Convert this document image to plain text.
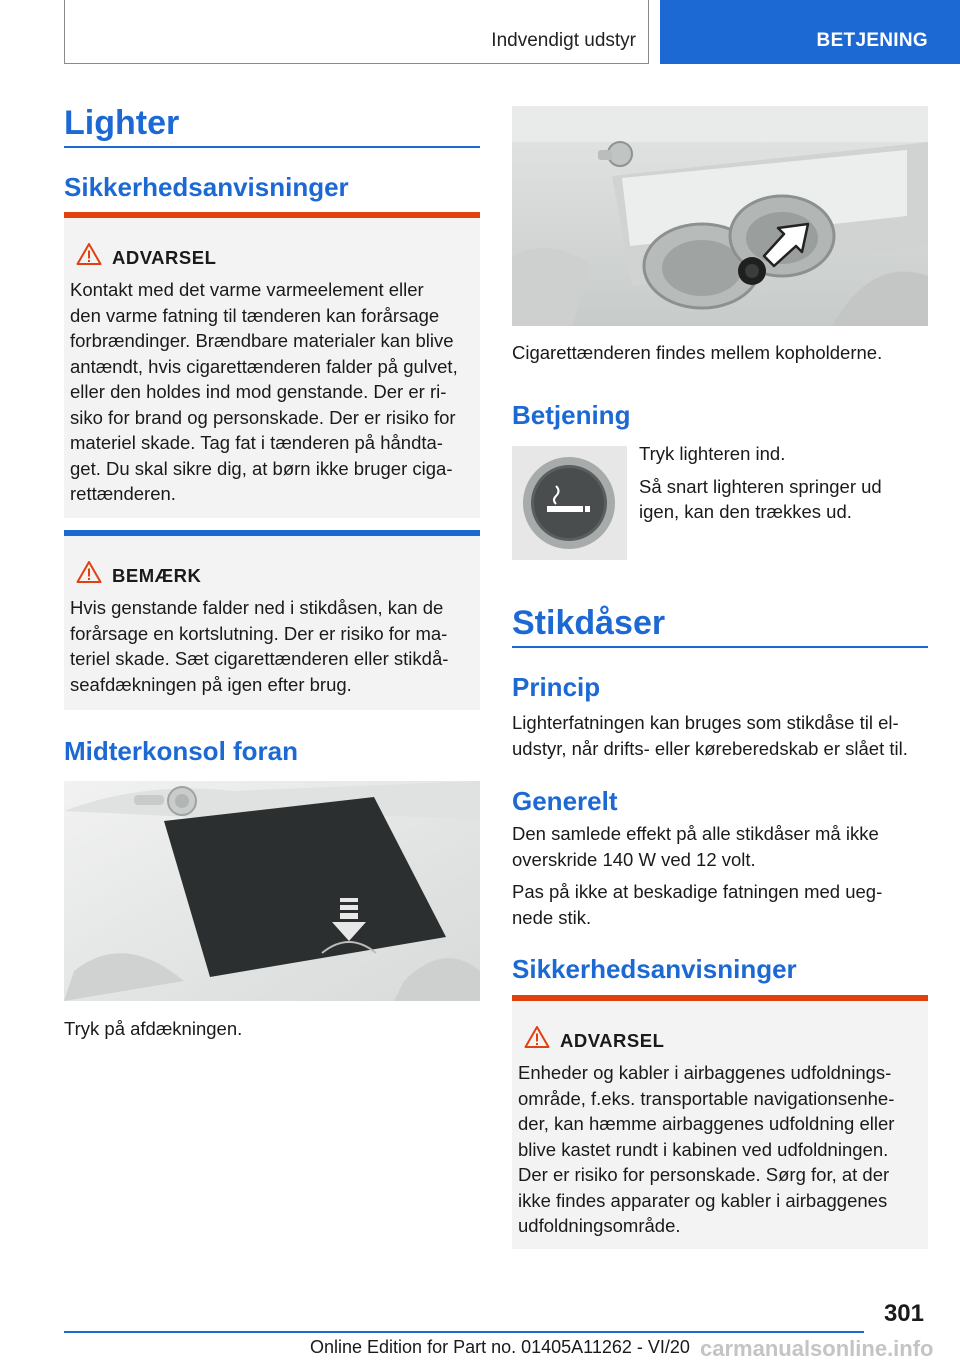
Indvendigt udstyr	BETJENING
Lighter
Sikkerhedsanvisninger
ADVARSEL
Kontakt med det varme varmeelement eller
den varme fatning til tænderen kan forårsage
forbrændinger. Brændbare materialer kan blive
antændt, hvis cigarettænderen falder på gulvet,
eller den holdes ind mod genstande. Der er ri-
siko for brand og personskade. Der er risiko for
materiel skade. Tag fat i tænderen på håndta-
get. Du skal sikre dig, at børn ikke bruger ciga-
rettænderen.
BEMÆRK
Hvis genstande falder ned i stikdåsen, kan de
forårsage en kortslutning. Der er risiko for ma-
teriel skade. Sæt cigarettænderen eller stikdå-
seafdækningen på igen efter brug.
Midterkonsol foran
Tryk på afdækningen.
Cigarettænderen findes mellem kopholderne.
Betjening
Tryk lighteren ind.
Så snart lighteren springer ud
igen, kan den trækkes ud.
Stikdåser
Princip
Lighterfatningen kan bruges som stikdåse til el-
udstyr, når drifts- eller køreberedskab er slået til.
Generelt
Den samlede effekt på alle stikdåser må ikke
overskride 140 W ved 12 volt.
Pas på ikke at beskadige fatningen med ueg-
nede stik.
Sikkerhedsanvisninger
ADVARSEL
Enheder og kabler i airbaggenes udfoldnings-
område, f.eks. transportable navigationsenhe-
der, kan hæmme airbaggenes udfoldning eller
blive kastet rundt i kabinen ved udfoldningen.
Der er risiko for personskade. Sørg for, at der
ikke findes apparater og kabler i airbaggenes
udfoldningsområde.
301
Online Edition for Part no. 01405A11262 - VI/20 carmanualsonline.info
